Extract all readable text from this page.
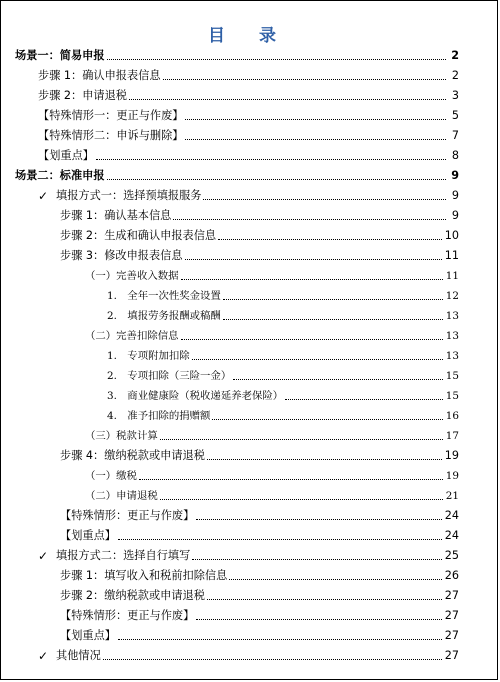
目 录
场景一：简易申报	2
步骤 1：确认申报表信息	2
步骤 2：申请退税	3
【特殊情形一：更正与作废】	5
【特殊情形二：申诉与删除】	7
【划重点】	8
场景二：标准申报	9
✓ 填报方式一：选择预填报服务	9
步骤 1：确认基本信息	9
步骤 2：生成和确认申报表信息	10
步骤 3：修改申报表信息	11
（一）完善收入数据	11
1.　全年一次性奖金设置	12
2.　填报劳务报酬或稿酬	13
（二）完善扣除信息	13
1.　专项附加扣除	13
2.　专项扣除（三险一金）	15
3.　商业健康险（税收递延养老保险）	15
4.　准予扣除的捐赠额	16
（三）税款计算	17
步骤 4：缴纳税款或申请退税	19
（一）缴税	19
（二）申请退税	21
【特殊情形：更正与作废】	24
【划重点】	24
✓ 填报方式二：选择自行填写	25
步骤 1：填写收入和税前扣除信息	26
步骤 2：缴纳税款或申请退税	27
【特殊情形：更正与作废】	27
【划重点】	27
✓ 其他情况	27
